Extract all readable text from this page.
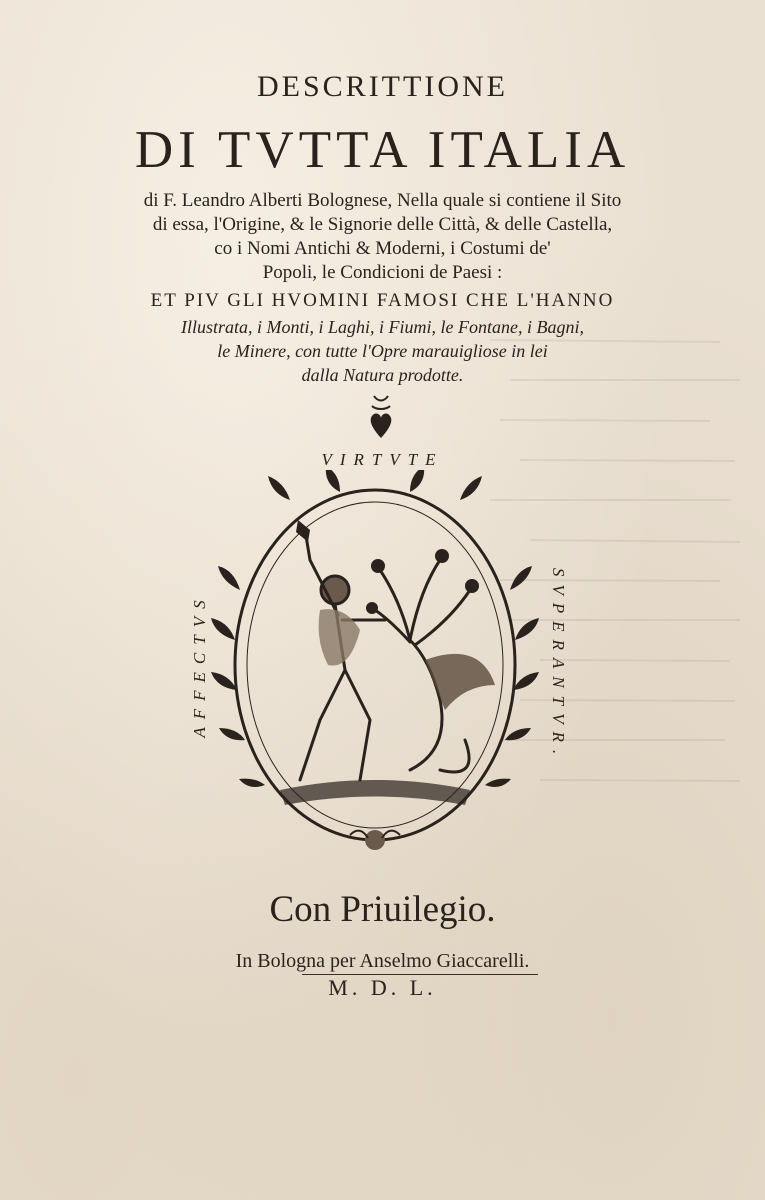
DESCRITTIONE
DI TVTTA ITALIA
di F. Leandro Alberti Bolognese, Nella quale si contiene il Sito
di essa, l'Origine, & le Signorie delle Città, & delle Castella,
co i Nomi Antichi & Moderni, i Costumi de'
Popoli, le Condicioni de Paesi :
ET PIV GLI HVOMINI FAMOSI CHE L'HANNO
Illustrata, i Monti, i Laghi, i Fiumi, le Fontane, i Bagni,
le Minere, con tutte l'Opre marauigliose in lei
dalla Natura prodotte.
VIRTVTE
AFFECTVS	SVPERANTVR.
Con Priuilegio.
In Bologna per Anselmo Giaccarelli.
M. D. L.
